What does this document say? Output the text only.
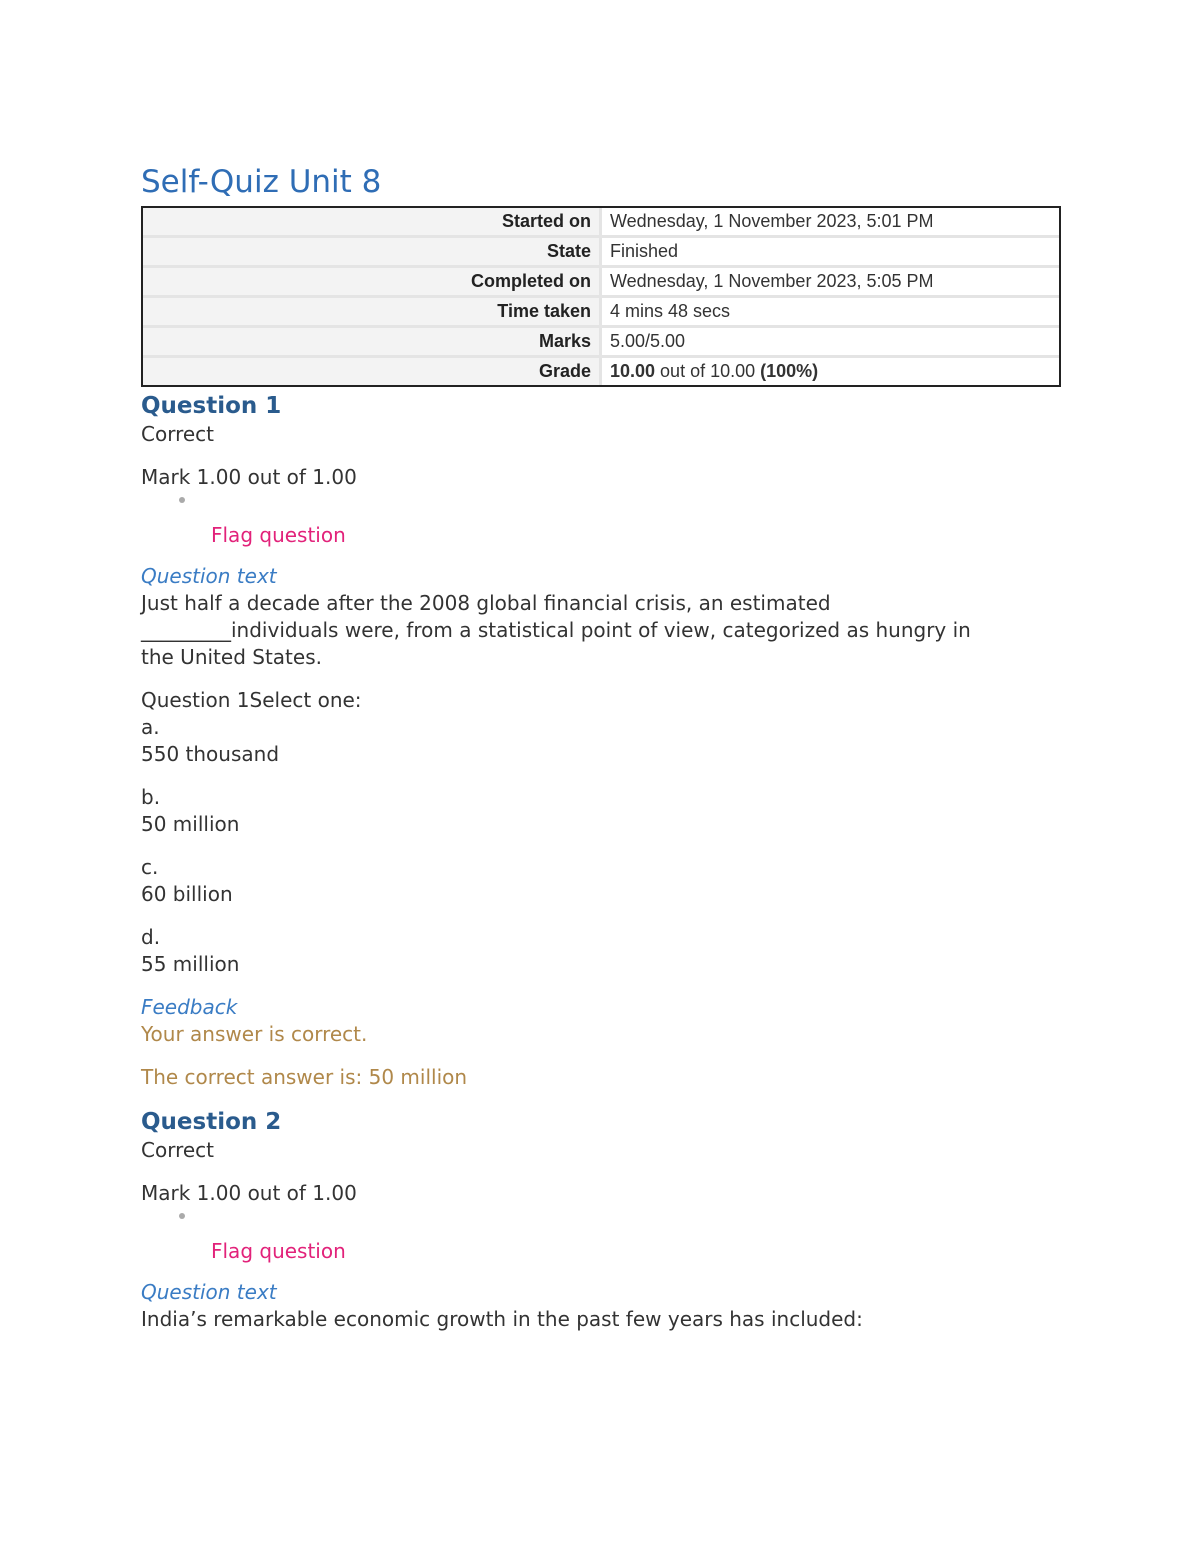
Self-Quiz Unit 8
Started on	Wednesday, 1 November 2023, 5:01 PM
State	Finished
Completed on	Wednesday, 1 November 2023, 5:05 PM
Time taken	4 mins 48 secs
Marks	5.00/5.00
Grade	10.00 out of 10.00 (100%)
Question 1
Correct
Mark 1.00 out of 1.00
Flag question
Question text
Just half a decade after the 2008 global financial crisis, an estimated
_________individuals were, from a statistical point of view, categorized as hungry in
the United States.
Question 1Select one:
a.
550 thousand
b.
50 million
c.
60 billion
d.
55 million
Feedback
Your answer is correct.
The correct answer is: 50 million
Question 2
Correct
Mark 1.00 out of 1.00
Flag question
Question text
India’s remarkable economic growth in the past few years has included:
